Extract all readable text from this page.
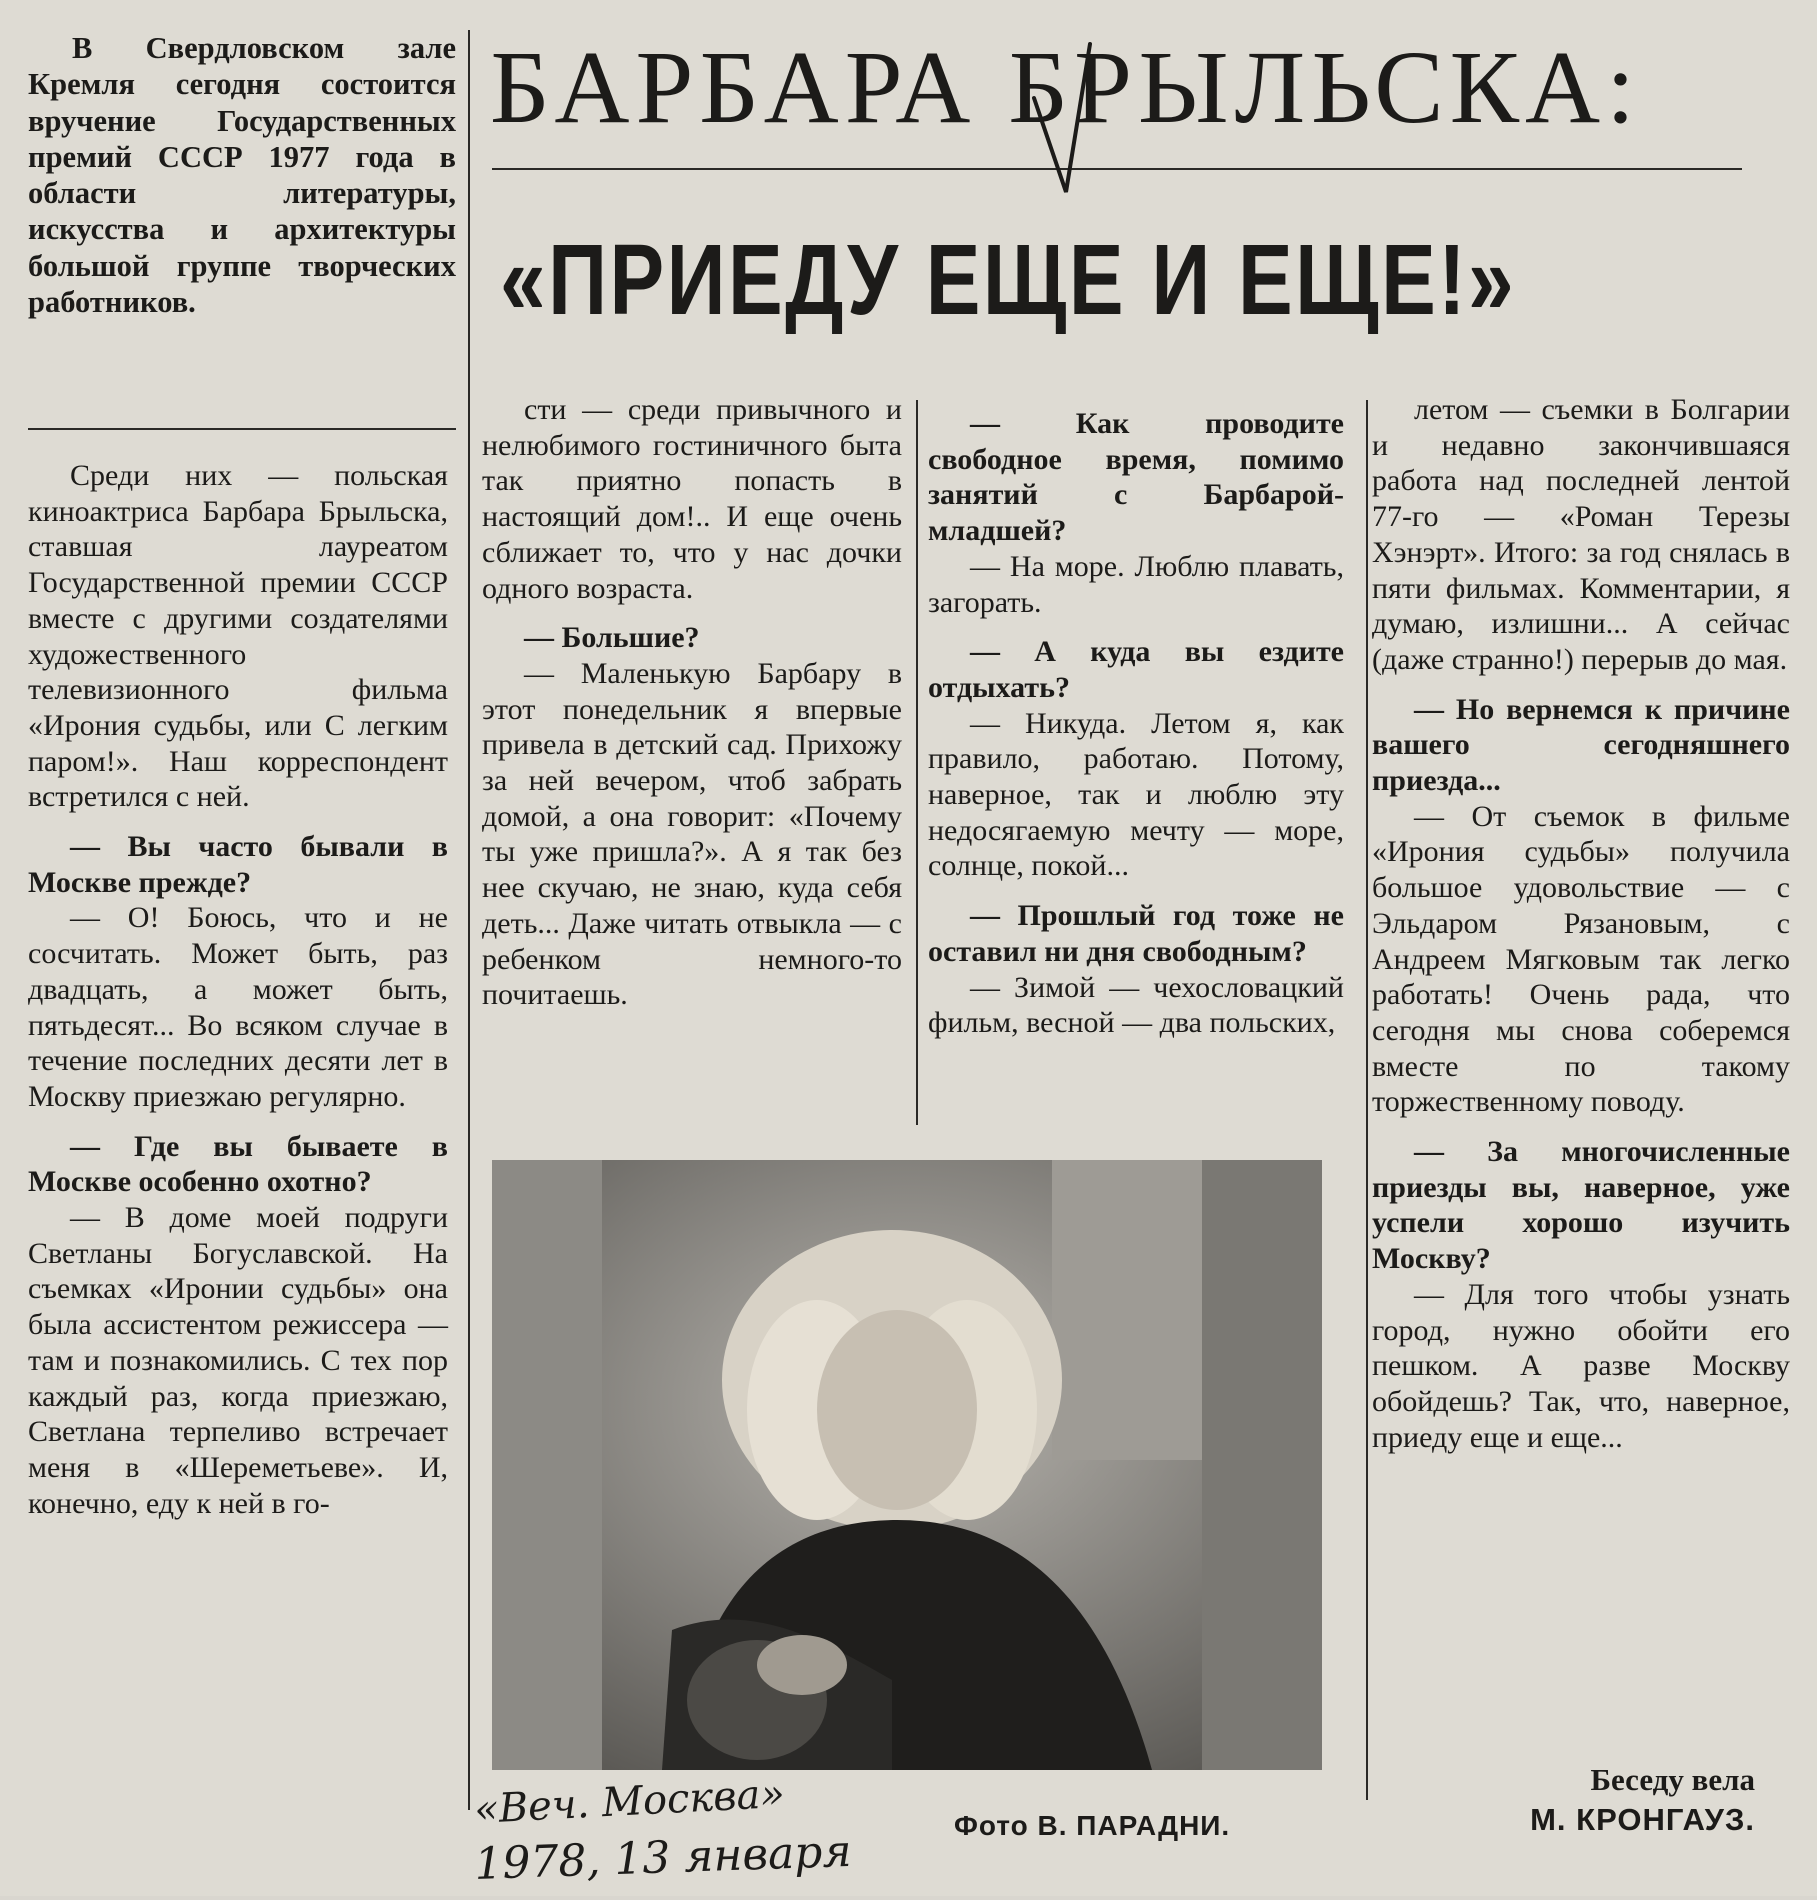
В Свердловском зале Кремля сегодня состоится вручение Государственных премий СССР 1977 года в области литературы, искусства и архитектуры большой группе творческих работников.
БАРБАРА БРЫЛЬСКА:
«ПРИЕДУ ЕЩЕ И ЕЩЕ!»

Среди них — польская киноактриса Барбара Брыльска, ставшая лауреатом Государственной премии СССР вместе с другими создателями художественного телевизионного фильма «Ирония судьбы, или С легким паром!». Наш корреспондент встретился с ней.

— Вы часто бывали в Москве прежде?

— О! Боюсь, что и не сосчитать. Может быть, раз двадцать, а может быть, пятьдесят... Во всяком случае в течение последних десяти лет в Москву приезжаю регулярно.

— Где вы бываете в Москве особенно охотно?

— В доме моей подруги Светланы Богуславской. На съемках «Иронии судьбы» она была ассистентом режиссера — там и познакомились. С тех пор каждый раз, когда приезжаю, Светлана терпеливо встречает меня в «Шереметьеве». И, конечно, еду к ней в го-

сти — среди привычного и нелюбимого гостиничного быта так приятно попасть в настоящий дом!.. И еще очень сближает то, что у нас дочки одного возраста.

— Большие?

— Маленькую Барбару в этот понедельник я впервые привела в детский сад. Прихожу за ней вечером, чтоб забрать домой, а она говорит: «Почему ты уже пришла?». А я так без нее скучаю, не знаю, куда себя деть... Даже читать отвыкла — с ребенком немного-то почитаешь.

— Как проводите свободное время, помимо занятий с Барбарой-младшей?

— На море. Люблю плавать, загорать.

— А куда вы ездите отдыхать?

— Никуда. Летом я, как правило, работаю. Потому, наверное, так и люблю эту недосягаемую мечту — море, солнце, покой...

— Прошлый год тоже не оставил ни дня свободным?

— Зимой — чехословацкий фильм, весной — два польских,

летом — съемки в Болгарии и недавно закончившаяся работа над последней лентой 77-го — «Роман Терезы Хэнэрт». Итого: за год снялась в пяти фильмах. Комментарии, я думаю, излишни... А сейчас (даже странно!) перерыв до мая.

— Но вернемся к причине вашего сегодняшнего приезда...

— От съемок в фильме «Ирония судьбы» получила большое удовольствие — с Эльдаром Рязановым, с Андреем Мягковым так легко работать! Очень рада, что сегодня мы снова соберемся вместе по такому торжественному поводу.

— За многочисленные приезды вы, наверное, уже успели хорошо изучить Москву?

— Для того чтобы узнать город, нужно обойти его пешком. А разве Москву обойдешь? Так, что, наверное, приеду еще и еще...

Фото В. ПАРАДНИ.
Беседу вела
М. КРОНГАУЗ.
«Веч. Москва»
1978, 13 января
